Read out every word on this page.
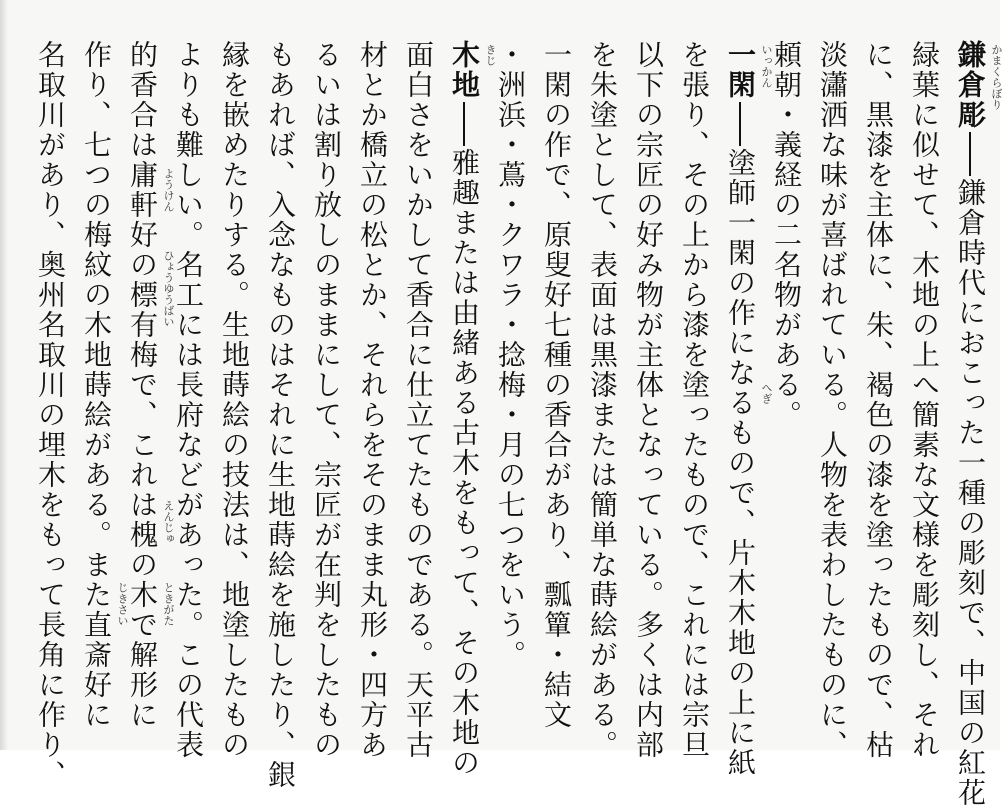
鎌倉彫鎌倉時代におこった一種の彫刻で、中国の紅花
緑葉に似せて、木地の上へ簡素な文様を彫刻し、それ
に、黒漆を主体に、朱、褐色の漆を塗ったもので、枯
淡瀟洒な味が喜ばれている。人物を表わしたものに、
頼朝・義経の二名物がある。
一閑塗師一閑の作になるもので、片木木地の上に紙
を張り、その上から漆を塗ったもので、これには宗旦
以下の宗匠の好み物が主体となっている。多くは内部
を朱塗として、表面は黒漆または簡単な蒔絵がある。
一閑の作で、原叟好七種の香合があり、瓢簞・結文
・洲浜・蔦・クワラ・捻梅・月の七つをいう。
木地雅趣または由緒ある古木をもって、その木地の
面白さをいかして香合に仕立てたものである。天平古
材とか橋立の松とか、それらをそのまま丸形・四方あ
るいは割り放しのままにして、宗匠が在判をしたもの
もあれば、入念なものはそれに生地蒔絵を施したり、銀
縁を嵌めたりする。生地蒔絵の技法は、地塗したもの
よりも難しい。名工には長府などがあった。この代表
的香合は庸軒好の標有梅で、これは槐の木で解形に
作り、七つの梅紋の木地蒔絵がある。また直斎好に
名取川があり、奥州名取川の埋木をもって長角に作り、	かまくらぼり
いっかん
へぎ
きじ
ようけん
ひょうゆうばい
えんじゅ
ときがた
じきさい
